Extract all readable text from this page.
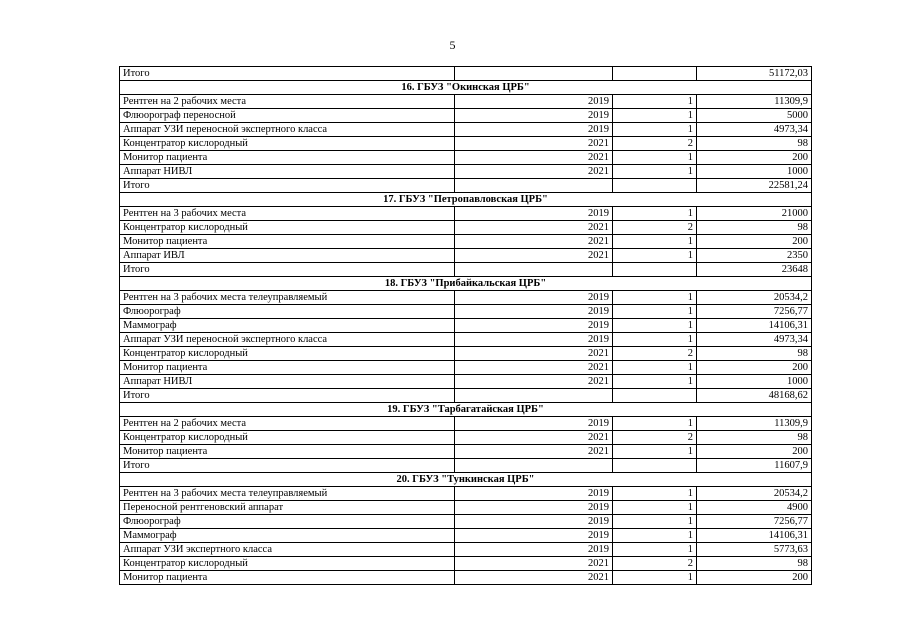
5
Итого			51172,03
16. ГБУЗ "Окинская ЦРБ"			
Рентген на 2 рабочих места	2019	1	11309,9
Флюорограф переносной	2019	1	5000
Аппарат УЗИ переносной экспертного класса	2019	1	4973,34
Концентратор кислородный	2021	2	98
Монитор пациента	2021	1	200
Аппарат НИВЛ	2021	1	1000
Итого			22581,24
17. ГБУЗ "Петропавловская ЦРБ"			
Рентген на 3 рабочих места	2019	1	21000
Концентратор кислородный	2021	2	98
Монитор пациента	2021	1	200
Аппарат ИВЛ	2021	1	2350
Итого			23648
18. ГБУЗ "Прибайкальская ЦРБ"			
Рентген на 3 рабочих места телеуправляемый	2019	1	20534,2
Флюорограф	2019	1	7256,77
Маммограф	2019	1	14106,31
Аппарат УЗИ переносной экспертного класса	2019	1	4973,34
Концентратор кислородный	2021	2	98
Монитор пациента	2021	1	200
Аппарат НИВЛ	2021	1	1000
Итого			48168,62
19. ГБУЗ "Тарбагатайская ЦРБ"			
Рентген на 2 рабочих места	2019	1	11309,9
Концентратор кислородный	2021	2	98
Монитор пациента	2021	1	200
Итого			11607,9
20. ГБУЗ "Тункинская ЦРБ"			
Рентген на 3 рабочих места телеуправляемый	2019	1	20534,2
Переносной рентгеновский аппарат	2019	1	4900
Флюорограф	2019	1	7256,77
Маммограф	2019	1	14106,31
Аппарат УЗИ экспертного класса	2019	1	5773,63
Концентратор кислородный	2021	2	98
Монитор пациента	2021	1	200
